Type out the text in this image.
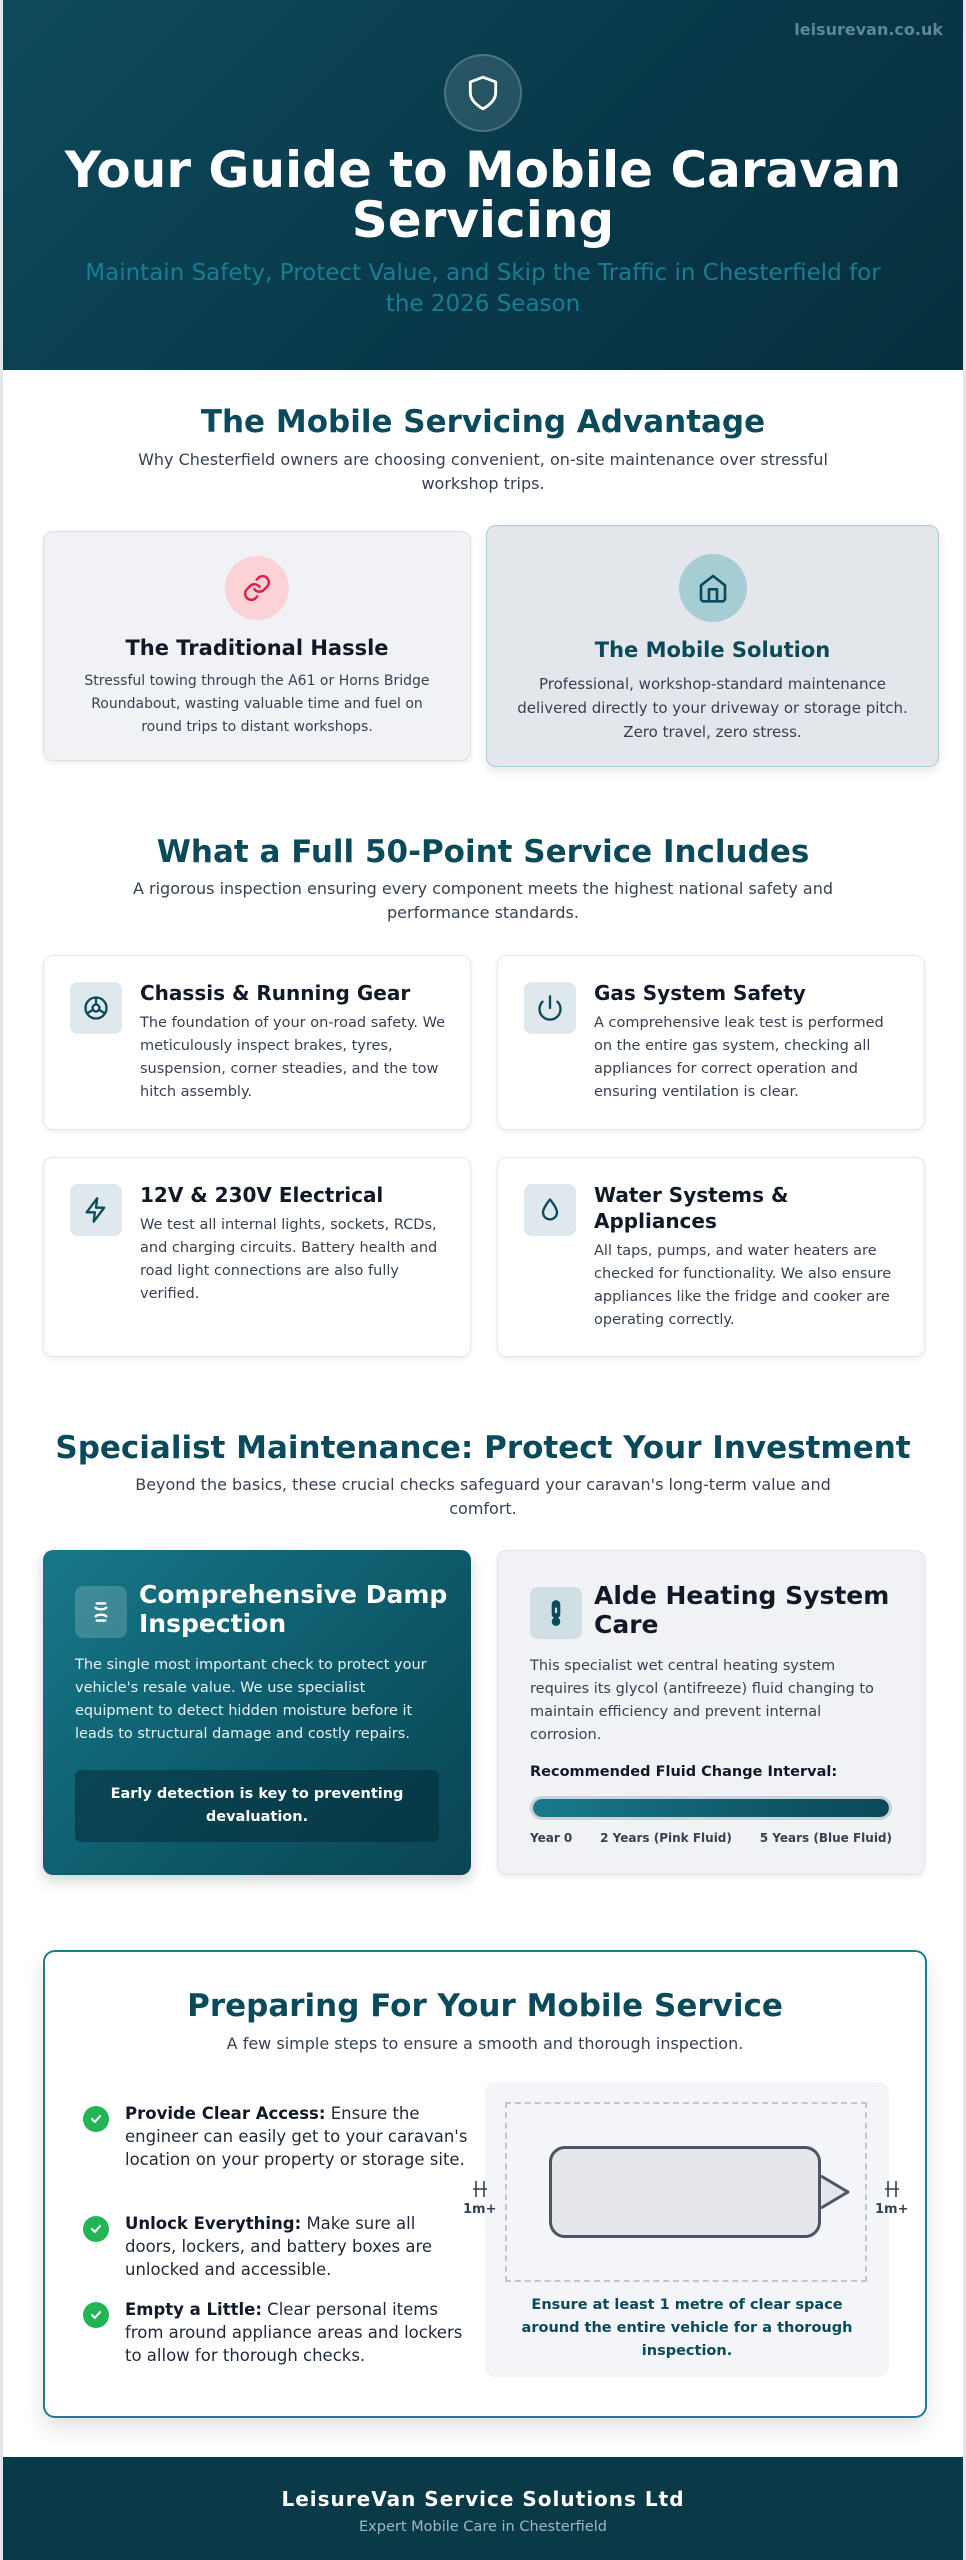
leisurevan.co.uk
Your Guide to Mobile Caravan Servicing
Maintain Safety, Protect Value, and Skip the Traffic in Chesterfield for the 2026 Season
The Mobile Servicing Advantage
Why Chesterfield owners are choosing convenient, on-site maintenance over stressful workshop trips.
The Traditional Hassle

Stressful towing through the A61 or Horns Bridge Roundabout, wasting valuable time and fuel on round trips to distant workshops.

The Mobile Solution

Professional, workshop-standard maintenance delivered directly to your driveway or storage pitch. Zero travel, zero stress.

What a Full 50-Point Service Includes
A rigorous inspection ensuring every component meets the highest national safety and performance standards.
Chassis & Running Gear

The foundation of your on-road safety. We meticulously inspect brakes, tyres, suspension, corner steadies, and the tow hitch assembly.

Gas System Safety

A comprehensive leak test is performed on the entire gas system, checking all appliances for correct operation and ensuring ventilation is clear.

12V & 230V Electrical

We test all internal lights, sockets, RCDs, and charging circuits. Battery health and road light connections are also fully verified.

Water Systems & Appliances

All taps, pumps, and water heaters are checked for functionality. We also ensure appliances like the fridge and cooker are operating correctly.

Specialist Maintenance: Protect Your Investment
Beyond the basics, these crucial checks safeguard your caravan's long-term value and comfort.
Comprehensive Damp Inspection
The single most important check to protect your vehicle's resale value. We use specialist equipment to detect hidden moisture before it leads to structural damage and costly repairs.
Early detection is key to preventing devaluation.
Alde Heating System Care
This specialist wet central heating system requires its glycol (antifreeze) fluid changing to maintain efficiency and prevent internal corrosion.
Recommended Fluid Change Interval:
Year 0 2 Years (Pink Fluid) 5 Years (Blue Fluid)
Preparing For Your Mobile Service
A few simple steps to ensure a smooth and thorough inspection.
Provide Clear Access: Ensure the engineer can easily get to your caravan's location on your property or storage site.
Unlock Everything: Make sure all doors, lockers, and battery boxes are unlocked and accessible.
Empty a Little: Clear personal items from around appliance areas and lockers to allow for thorough checks.
1m+	1m+
Ensure at least 1 metre of clear space around the entire vehicle for a thorough inspection.
LeisureVan Service Solutions Ltd
Expert Mobile Care in Chesterfield
